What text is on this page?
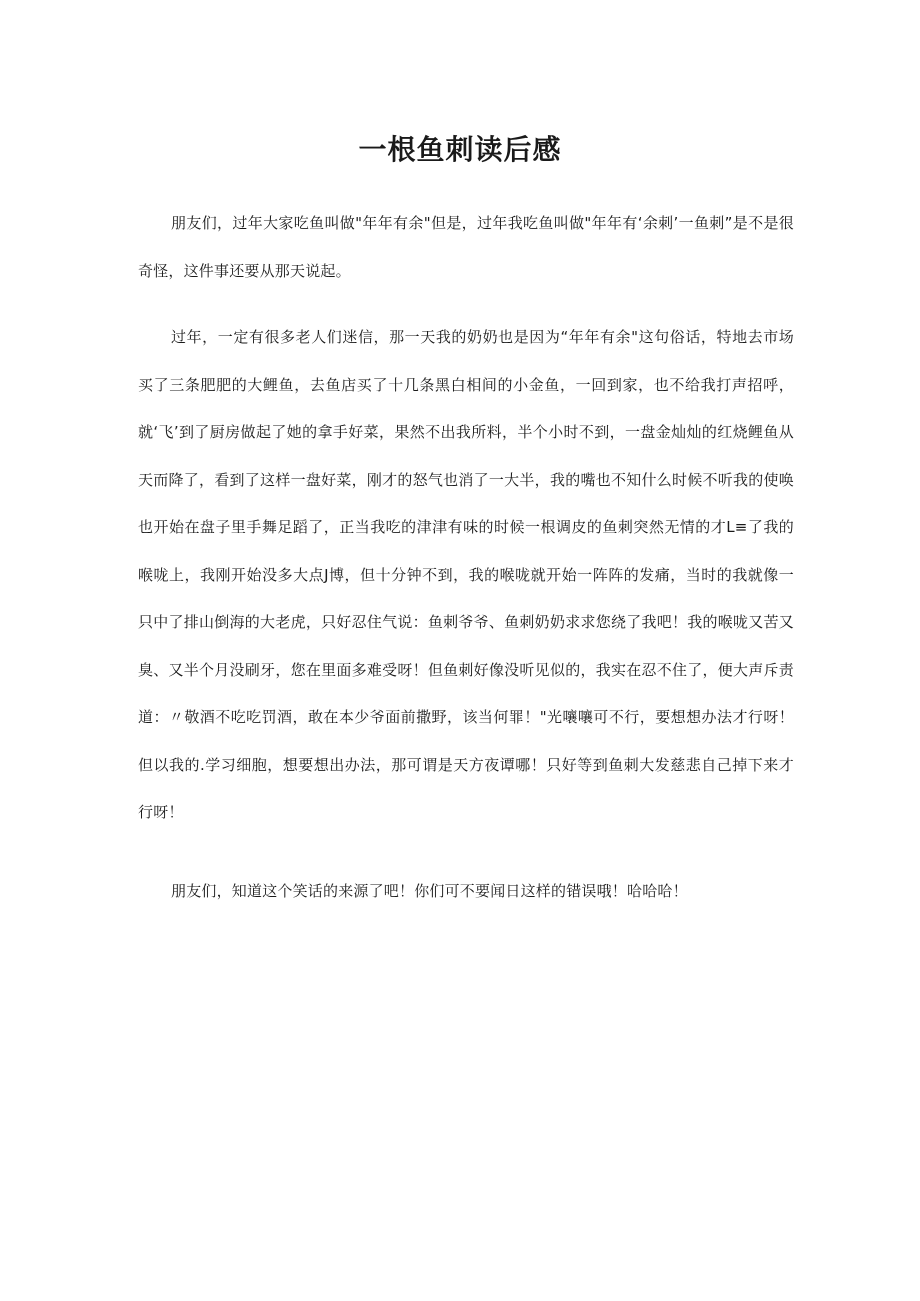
一根鱼刺读后感

朋友们，过年大家吃鱼叫做"年年有余"但是，过年我吃鱼叫做"年年有‘余刺’一鱼刺”是不是很奇怪，这件事还要从那天说起。

过年，一定有很多老人们迷信，那一天我的奶奶也是因为“年年有余"这句俗话，特地去市场买了三条肥肥的大鲤鱼，去鱼店买了十几条黑白相间的小金鱼，一回到家，也不给我打声招呼，就‘飞’到了厨房做起了她的拿手好菜，果然不出我所料，半个小时不到，一盘金灿灿的红烧鲤鱼从天而降了，看到了这样一盘好菜，刚才的怒气也消了一大半，我的嘴也不知什么时候不听我的使唤也开始在盘子里手舞足蹈了，正当我吃的津津有味的时候一根调皮的鱼刺突然无情的才L≡了我的喉咙上，我刚开始没多大点J博，但十分钟不到，我的喉咙就开始一阵阵的发痛，当时的我就像一只中了排山倒海的大老虎，只好忍住气说：鱼刺爷爷、鱼刺奶奶求求您绕了我吧！我的喉咙又苦又臭、又半个月没刷牙，您在里面多难受呀！但鱼刺好像没听见似的，我实在忍不住了，便大声斥责道：〃敬酒不吃吃罚酒，敢在本少爷面前撒野，该当何罪！"光嚷嚷可不行，要想想办法才行呀！但以我的.学习细胞，想要想出办法，那可谓是天方夜谭哪！只好等到鱼刺大发慈悲自己掉下来才行呀！

朋友们，知道这个笑话的来源了吧！你们可不要闻日这样的错误哦！哈哈哈！
